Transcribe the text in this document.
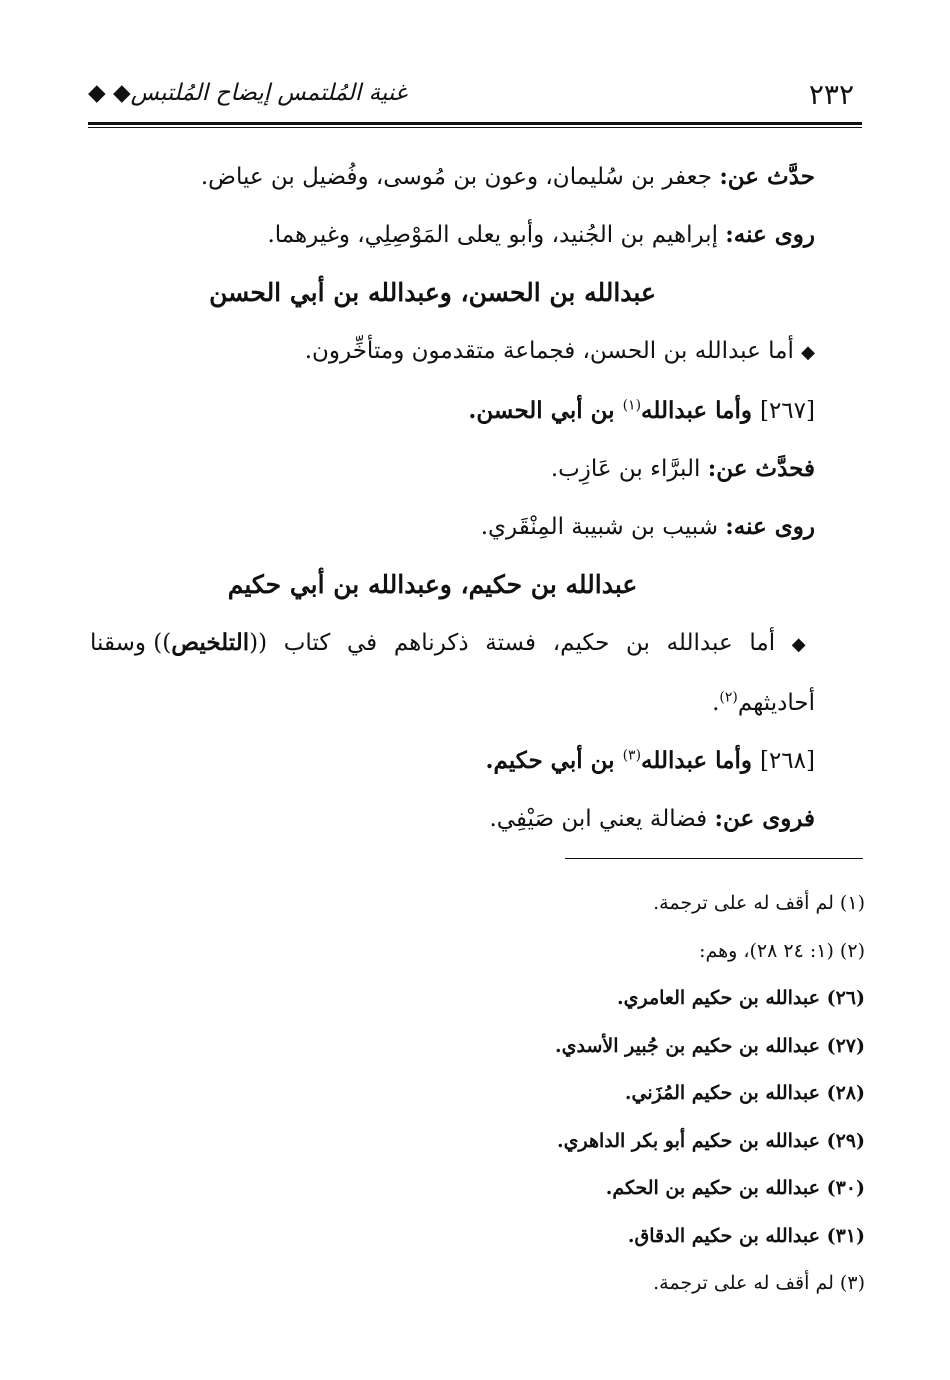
٢٣٢
غنية المُلتمس إيضاح المُلتبس◆ ◆
حدَّث عن: جعفر بن سُليمان، وعون بن مُوسى، وفُضيل بن عياض.
روى عنه: إبراهيم بن الجُنيد، وأبو يعلى المَوْصِلِي، وغيرهما.
عبدالله بن الحسن، وعبدالله بن أبي الحسن
◆ أما عبدالله بن الحسن، فجماعة متقدمون ومتأخِّرون.
[٢٦٧] وأما عبدالله$^{(١)}$ بن أبي الحسن.
فحدَّث عن: البرَّاء بن عَازِب.
روى عنه: شبيب بن شبيبة المِنْقَري.
عبدالله بن حكيم، وعبدالله بن أبي حكيم
◆ أما عبدالله بن حكيم، فستة ذكرناهم في كتاب ((التلخيص)) وسقنا أحاديثهم$^{(٢)}$.
[٢٦٨] وأما عبدالله$^{(٣)}$ بن أبي حكيم.
فروى عن: فضالة يعني ابن صَيْفِي.
(١) لم أقف له على ترجمة.
(٢) (١: ٢٤ ٢٨)، وهم:
(٢٦) عبدالله بن حكيم العامري.
(٢٧) عبدالله بن حكيم بن جُبير الأسدي.
(٢٨) عبدالله بن حكيم المُزَني.
(٢٩) عبدالله بن حكيم أبو بكر الداهري.
(٣٠) عبدالله بن حكيم بن الحكم.
(٣١) عبدالله بن حكيم الدقاق.
(٣) لم أقف له على ترجمة.
